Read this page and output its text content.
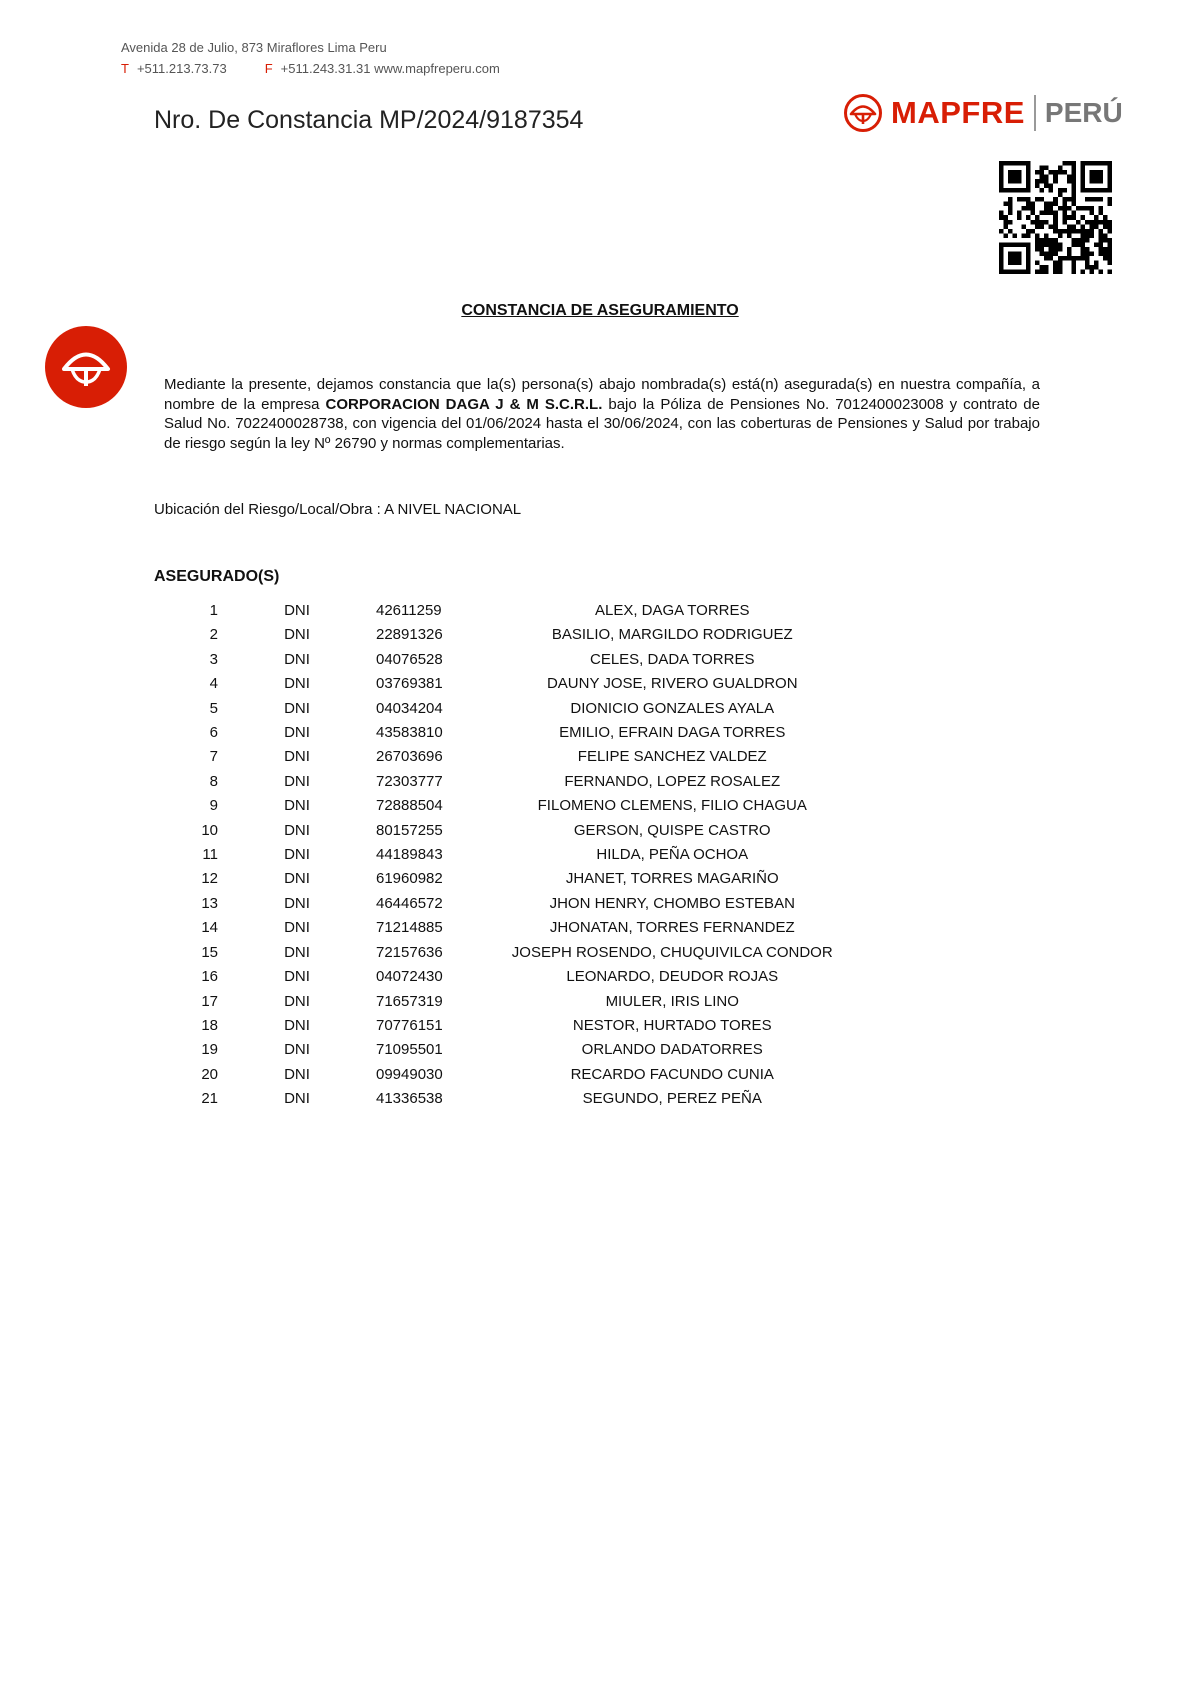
Avenida 28 de Julio, 873 Miraflores Lima Peru
T +511.213.73.73	F +511.243.31.31 www.mapfreperu.com
Nro. De Constancia MP/2024/9187354	MAPFRE PERÚ
CONSTANCIA DE ASEGURAMIENTO
Mediante la presente, dejamos constancia que la(s) persona(s) abajo nombrada(s) está(n) asegurada(s) en nuestra compañía, a nombre de la empresa CORPORACION DAGA J & M S.C.R.L. bajo la Póliza de Pensiones No. 7012400023008 y contrato de Salud No. 7022400028738, con vigencia del 01/06/2024 hasta el 30/06/2024, con las coberturas de Pensiones y Salud por trabajo de riesgo según la ley Nº 26790 y normas complementarias.
Ubicación del Riesgo/Local/Obra : A NIVEL NACIONAL
ASEGURADO(S)
1	DNI	42611259	ALEX, DAGA TORRES
2	DNI	22891326	BASILIO, MARGILDO RODRIGUEZ
3	DNI	04076528	CELES, DADA TORRES
4	DNI	03769381	DAUNY JOSE, RIVERO GUALDRON
5	DNI	04034204	DIONICIO GONZALES AYALA
6	DNI	43583810	EMILIO, EFRAIN DAGA TORRES
7	DNI	26703696	FELIPE SANCHEZ VALDEZ
8	DNI	72303777	FERNANDO, LOPEZ ROSALEZ
9	DNI	72888504	FILOMENO CLEMENS, FILIO CHAGUA
10	DNI	80157255	GERSON, QUISPE CASTRO
11	DNI	44189843	HILDA, PEÑA OCHOA
12	DNI	61960982	JHANET, TORRES MAGARIÑO
13	DNI	46446572	JHON HENRY, CHOMBO ESTEBAN
14	DNI	71214885	JHONATAN, TORRES FERNANDEZ
15	DNI	72157636	JOSEPH ROSENDO, CHUQUIVILCA CONDOR
16	DNI	04072430	LEONARDO, DEUDOR ROJAS
17	DNI	71657319	MIULER, IRIS LINO
18	DNI	70776151	NESTOR, HURTADO TORES
19	DNI	71095501	ORLANDO DADATORRES
20	DNI	09949030	RECARDO FACUNDO CUNIA
21	DNI	41336538	SEGUNDO, PEREZ PEÑA
